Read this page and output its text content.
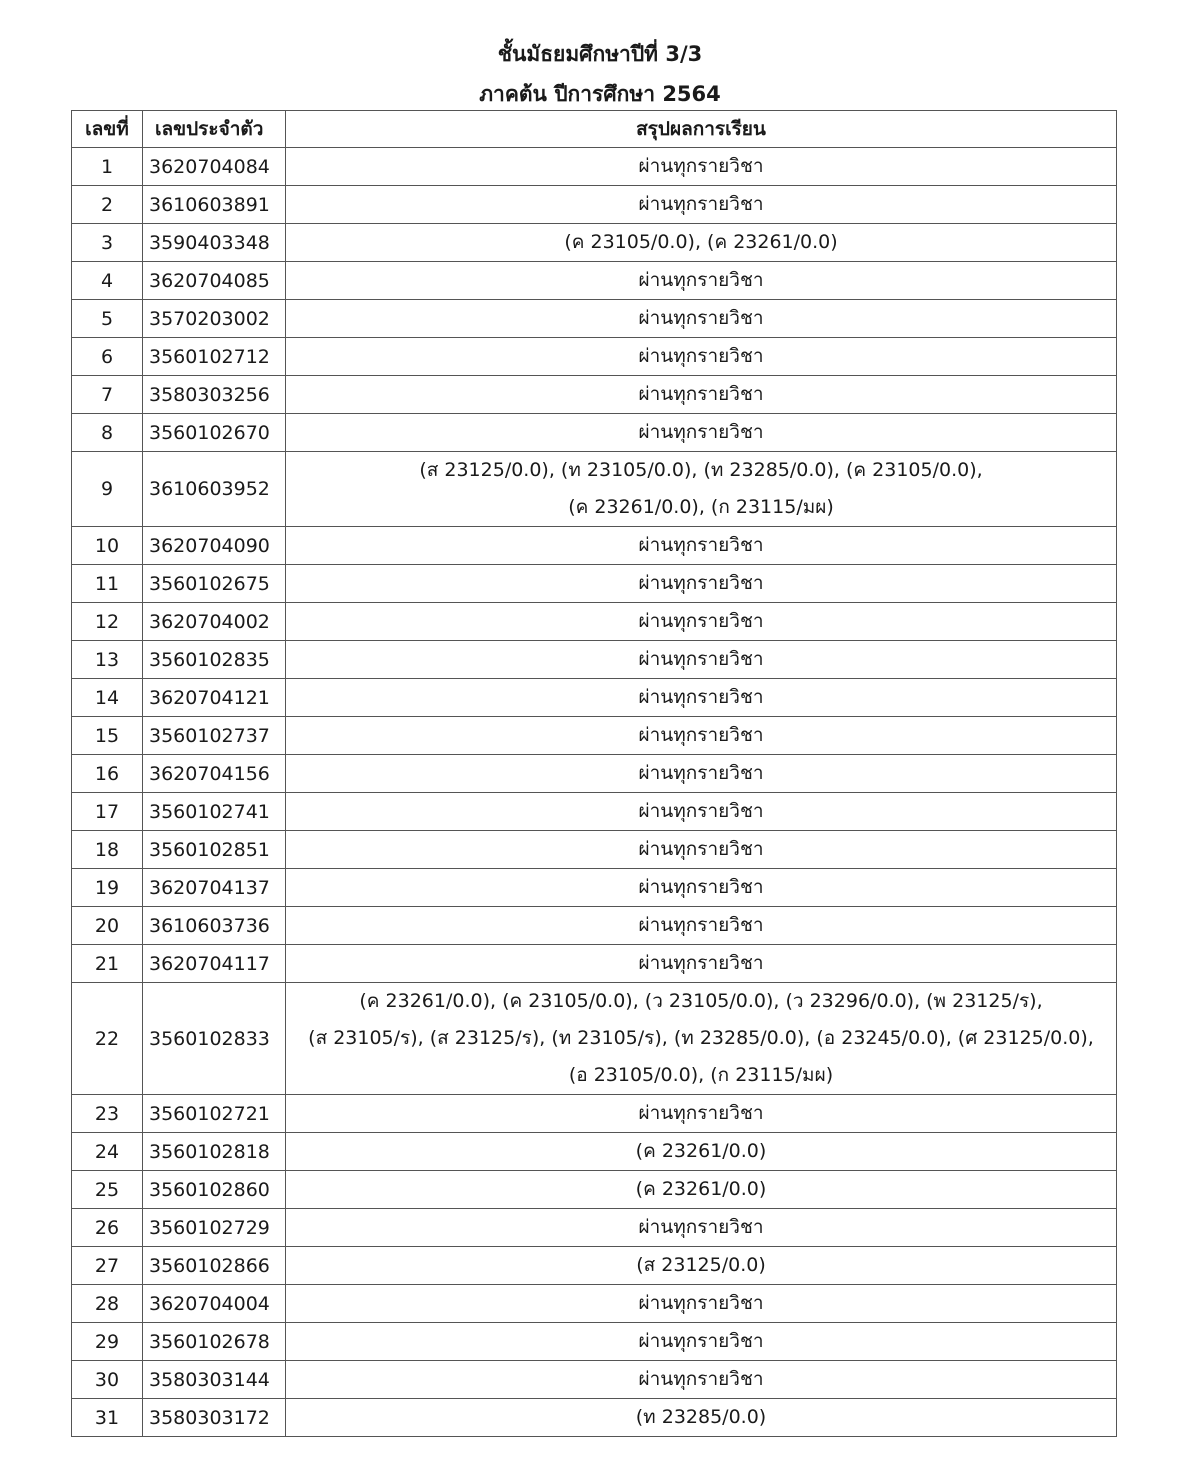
ชั้นมัธยมศึกษาปีที่ 3/3
ภาคต้น ปีการศึกษา 2564
เลขที่	เลขประจำตัว	สรุปผลการเรียน
1	3620704084	ผ่านทุกรายวิชา

2	3610603891	ผ่านทุกรายวิชา

3	3590403348	(ค 23105/0.0), (ค 23261/0.0)

4	3620704085	ผ่านทุกรายวิชา

5	3570203002	ผ่านทุกรายวิชา

6	3560102712	ผ่านทุกรายวิชา

7	3580303256	ผ่านทุกรายวิชา

8	3560102670	ผ่านทุกรายวิชา

9	3610603952	(ส 23125/0.0), (ท 23105/0.0), (ท 23285/0.0), (ค 23105/0.0),
(ค 23261/0.0), (ก 23115/มผ)

10	3620704090	ผ่านทุกรายวิชา

11	3560102675	ผ่านทุกรายวิชา

12	3620704002	ผ่านทุกรายวิชา

13	3560102835	ผ่านทุกรายวิชา

14	3620704121	ผ่านทุกรายวิชา

15	3560102737	ผ่านทุกรายวิชา

16	3620704156	ผ่านทุกรายวิชา

17	3560102741	ผ่านทุกรายวิชา

18	3560102851	ผ่านทุกรายวิชา

19	3620704137	ผ่านทุกรายวิชา

20	3610603736	ผ่านทุกรายวิชา

21	3620704117	ผ่านทุกรายวิชา

22	3560102833	(ค 23261/0.0), (ค 23105/0.0), (ว 23105/0.0), (ว 23296/0.0), (พ 23125/ร),
(ส 23105/ร), (ส 23125/ร), (ท 23105/ร), (ท 23285/0.0), (อ 23245/0.0), (ศ 23125/0.0),
(อ 23105/0.0), (ก 23115/มผ)

23	3560102721	ผ่านทุกรายวิชา

24	3560102818	(ค 23261/0.0)

25	3560102860	(ค 23261/0.0)

26	3560102729	ผ่านทุกรายวิชา

27	3560102866	(ส 23125/0.0)

28	3620704004	ผ่านทุกรายวิชา

29	3560102678	ผ่านทุกรายวิชา

30	3580303144	ผ่านทุกรายวิชา

31	3580303172	(ท 23285/0.0)
